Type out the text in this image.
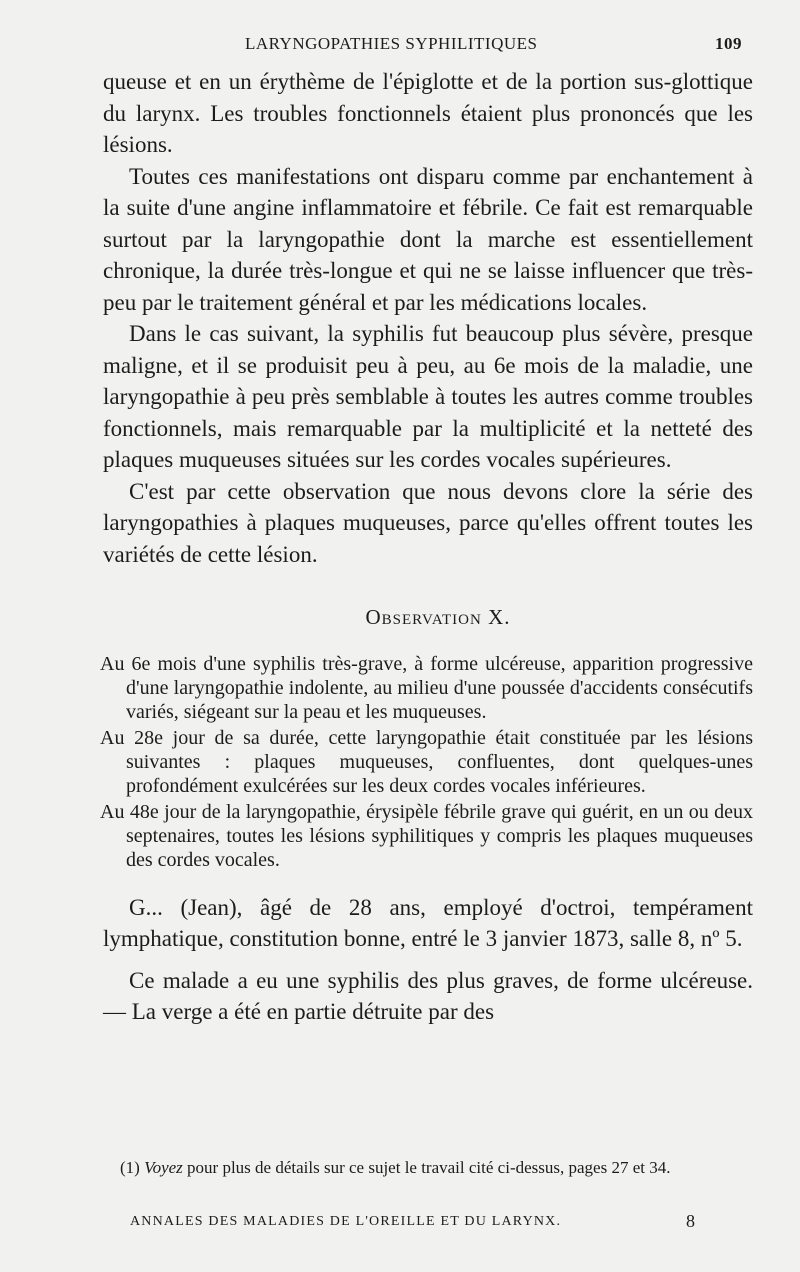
LARYNGOPATHIES SYPHILITIQUES	109

queuse et en un érythème de l'épiglotte et de la portion sus-glottique du larynx. Les troubles fonctionnels étaient plus prononcés que les lésions.

Toutes ces manifestations ont disparu comme par enchantement à la suite d'une angine inflammatoire et fébrile. Ce fait est remarquable surtout par la laryngopathie dont la marche est essentiellement chronique, la durée très-longue et qui ne se laisse influencer que très-peu par le traitement général et par les médications locales.

Dans le cas suivant, la syphilis fut beaucoup plus sévère, presque maligne, et il se produisit peu à peu, au 6e mois de la maladie, une laryngopathie à peu près semblable à toutes les autres comme troubles fonctionnels, mais remarquable par la multiplicité et la netteté des plaques muqueuses situées sur les cordes vocales supérieures.

C'est par cette observation que nous devons clore la série des laryngopathies à plaques muqueuses, parce qu'elles offrent toutes les variétés de cette lésion.

Observation X.

Au 6e mois d'une syphilis très-grave, à forme ulcéreuse, apparition progressive d'une laryngopathie indolente, au milieu d'une poussée d'accidents consécutifs variés, siégeant sur la peau et les muqueuses.

Au 28e jour de sa durée, cette laryngopathie était constituée par les lésions suivantes : plaques muqueuses, confluentes, dont quelques-unes profondément exulcérées sur les deux cordes vocales inférieures.

Au 48e jour de la laryngopathie, érysipèle fébrile grave qui guérit, en un ou deux septenaires, toutes les lésions syphilitiques y compris les plaques muqueuses des cordes vocales.

G... (Jean), âgé de 28 ans, employé d'octroi, tempérament lymphatique, constitution bonne, entré le 3 janvier 1873, salle 8, nº 5.

Ce malade a eu une syphilis des plus graves, de forme ulcéreuse. — La verge a été en partie détruite par des

(1) Voyez pour plus de détails sur ce sujet le travail cité ci-dessus, pages 27 et 34.
ANNALES DES MALADIES DE L'OREILLE ET DU LARYNX.	8
